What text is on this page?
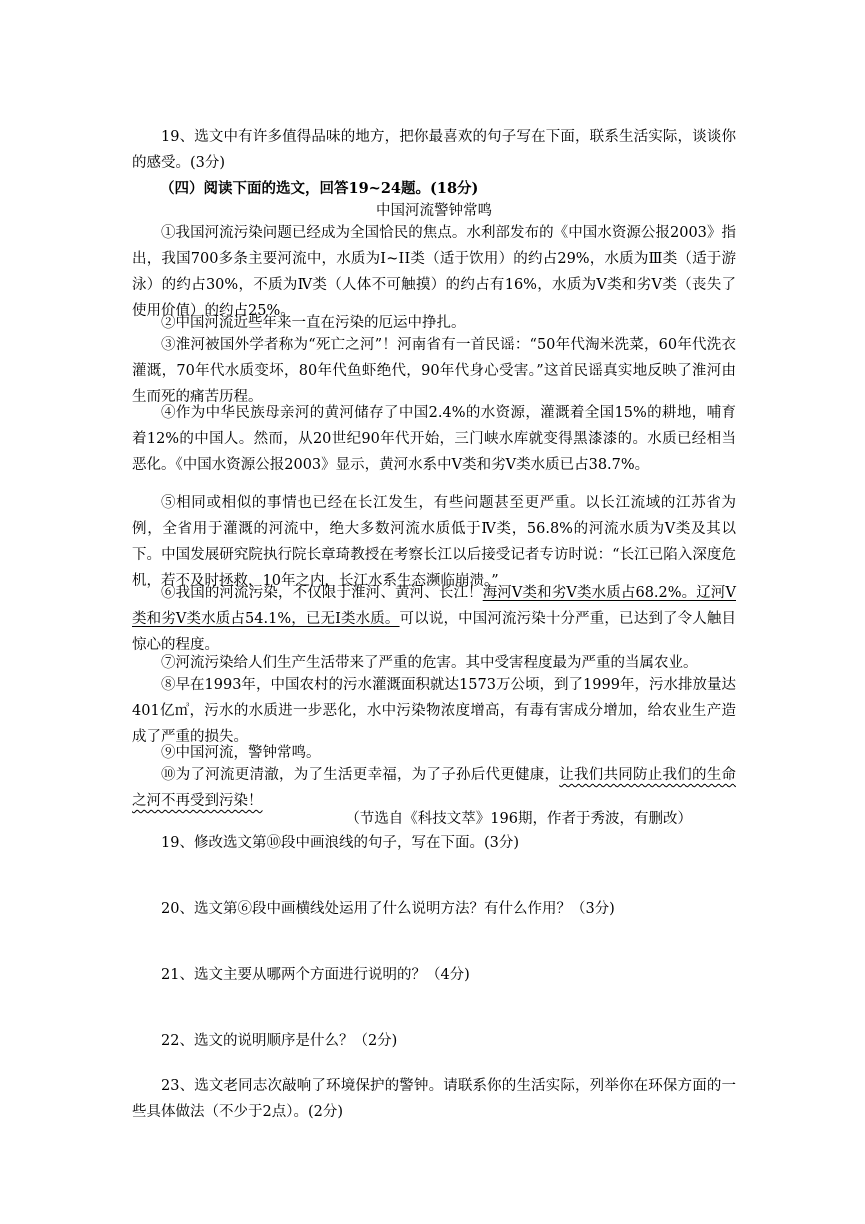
19、选文中有许多值得品味的地方，把你最喜欢的句子写在下面，联系生活实际，谈谈你的感受。(3分)
（四）阅读下面的选文，回答19~24题。(18分)
中国河流警钟常鸣
①我国河流污染问题已经成为全国恰民的焦点。水利部发布的《中国水资源公报2003》指出，我国700多条主要河流中，水质为Ⅰ~ⅠⅠ类（适于饮用）的约占29%，水质为Ⅲ类（适于游泳）的约占30%，不质为Ⅳ类（人体不可触摸）的约占有16%，水质为Ⅴ类和劣Ⅴ类（丧失了使用价值）的约占25%。
②中国河流近些年来一直在污染的厄运中挣扎。
③淮河被国外学者称为“死亡之河”！河南省有一首民谣：“50年代淘米洗菜，60年代洗衣灌溉，70年代水质变坏，80年代鱼虾绝代，90年代身心受害。”这首民谣真实地反映了淮河由生而死的痛苦历程。
④作为中华民族母亲河的黄河储存了中国2.4%的水资源，灌溉着全国15%的耕地，哺育着12%的中国人。然而，从20世纪90年代开始，三门峡水库就变得黑漆漆的。水质已经相当恶化。《中国水资源公报2003》显示，黄河水系中Ⅴ类和劣Ⅴ类水质已占38.7%。
⑤相同或相似的事情也已经在长江发生，有些问题甚至更严重。以长江流域的江苏省为例，全省用于灌溉的河流中，绝大多数河流水质低于Ⅳ类，56.8%的河流水质为Ⅴ类及其以下。中国发展研究院执行院长章琦教授在考察长江以后接受记者专访时说：“长江已陷入深度危机，若不及时拯救，10年之内，长江水系生态濒临崩溃。”
⑥我国的河流污染，不仅限于淮河、黄河、长江！海河Ⅴ类和劣Ⅴ类水质占68.2%。辽河Ⅴ类和劣Ⅴ类水质占54.1%，已无Ⅰ类水质。可以说，中国河流污染十分严重，已达到了令人触目惊心的程度。
⑦河流污染给人们生产生活带来了严重的危害。其中受害程度最为严重的当属农业。
⑧早在1993年，中国农村的污水灌溉面积就达1573万公顷，到了1999年，污水排放量达401亿㎥，污水的水质进一步恶化，水中污染物浓度增高，有毒有害成分增加，给农业生产造成了严重的损失。
⑨中国河流，警钟常鸣。
⑩为了河流更清澈，为了生活更幸福，为了子孙后代更健康，让我们共同防止我们的生命之河不再受到污染！
（节选自《科技文萃》196期，作者于秀波，有删改）
19、修改选文第⑩段中画浪线的句子，写在下面。(3分)
20、选文第⑥段中画横线处运用了什么说明方法？有什么作用？（3分)
21、选文主要从哪两个方面进行说明的？（4分)
22、选文的说明顺序是什么？（2分)
23、选文老同志次敲响了环境保护的警钟。请联系你的生活实际，列举你在环保方面的一些具体做法（不少于2点）。(2分)
